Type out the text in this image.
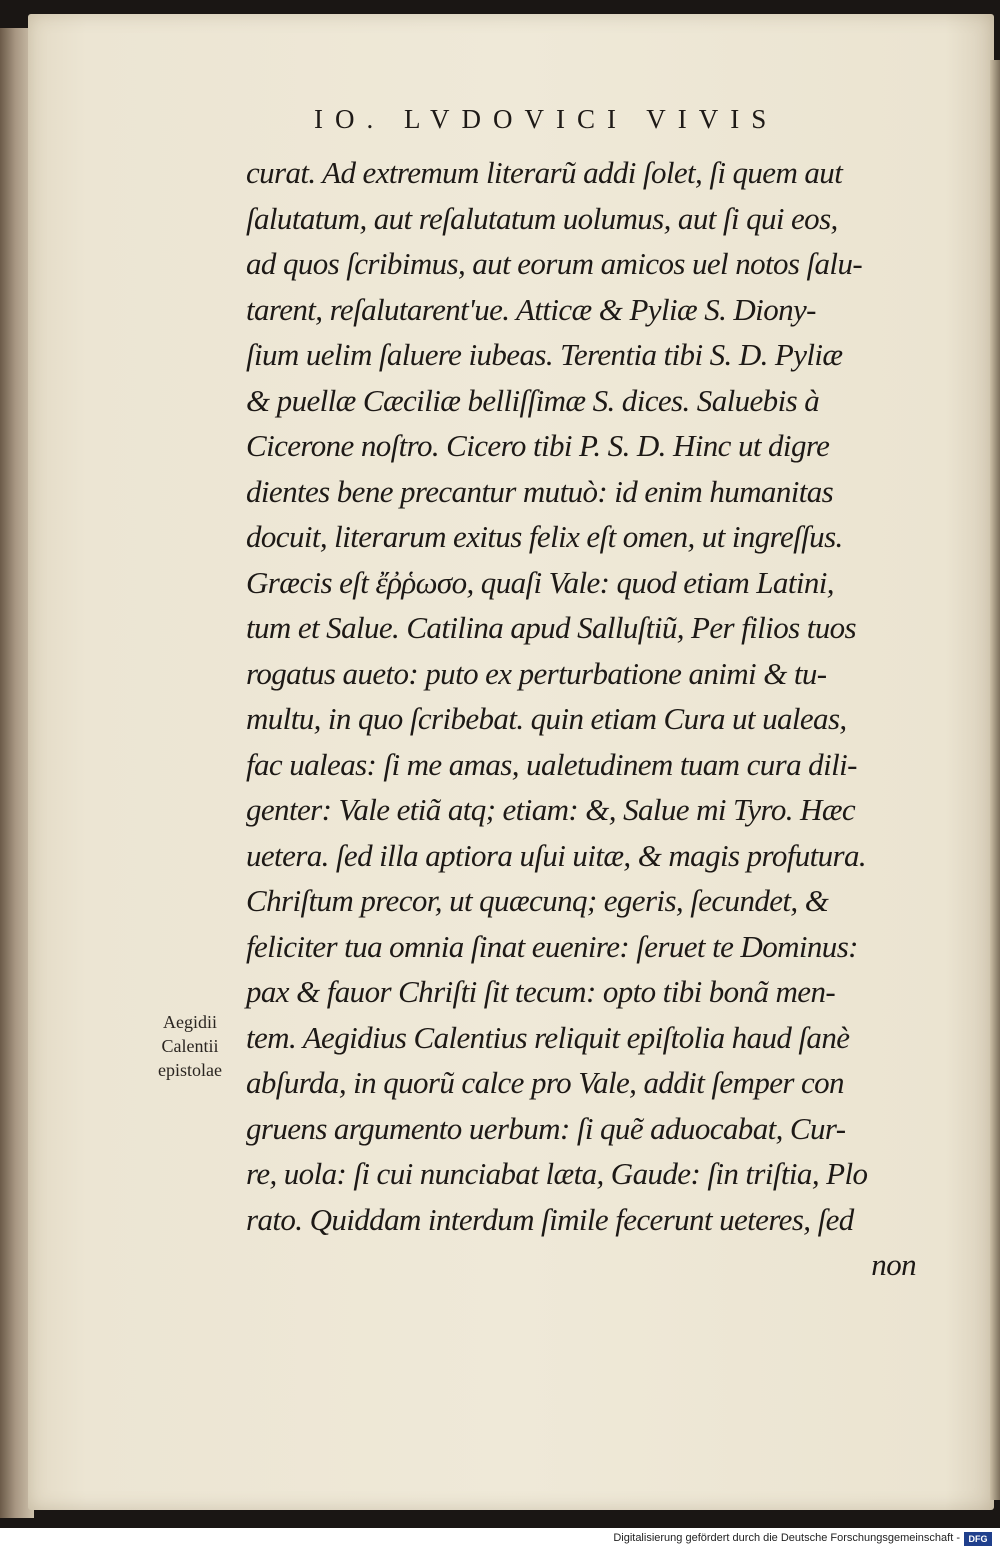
IO. LVDOVICI VIVIS
Aegidii
Calentii
epistolae
curat. Ad extremum literarũ addi ſolet, ſi quem aut
ſalutatum, aut reſalutatum uolumus, aut ſi qui eos,
ad quos ſcribimus, aut eorum amicos uel notos ſalu-
tarent, reſalutarent'ue. Atticæ & Pyliæ S. Diony-
ſium uelim ſaluere iubeas. Terentia tibi S. D. Pyliæ
& puellæ Cæciliæ belliſſimæ S. dices. Saluebis à
Cicerone noſtro. Cicero tibi P. S. D. Hinc ut digre
dientes bene precantur mutuò: id enim humanitas
docuit, literarum exitus felix eſt omen, ut ingreſſus.
Græcis eſt ἔῤῥωσο, quaſi Vale: quod etiam Latini,
tum et Salue. Catilina apud Salluſtiũ, Per filios tuos
rogatus aueto: puto ex perturbatione animi & tu-
multu, in quo ſcribebat. quin etiam Cura ut ualeas,
fac ualeas: ſi me amas, ualetudinem tuam cura dili-
genter: Vale etiã atq; etiam: &, Salue mi Tyro. Hæc
uetera. ſed illa aptiora uſui uitæ, & magis profutura.
Chriſtum precor, ut quæcunq; egeris, ſecundet, &
feliciter tua omnia ſinat euenire: ſeruet te Dominus:
pax & fauor Chriſti ſit tecum: opto tibi bonã men-
tem. Aegidius Calentius reliquit epiſtolia haud ſanè
abſurda, in quorũ calce pro Vale, addit ſemper con
gruens argumento uerbum: ſi quẽ aduocabat, Cur-
re, uola: ſi cui nunciabat læta, Gaude: ſin triſtia, Plo
rato. Quiddam interdum ſimile fecerunt ueteres, ſed
non
Digitalisierung gefördert durch die Deutsche Forschungsgemeinschaft - DFG
